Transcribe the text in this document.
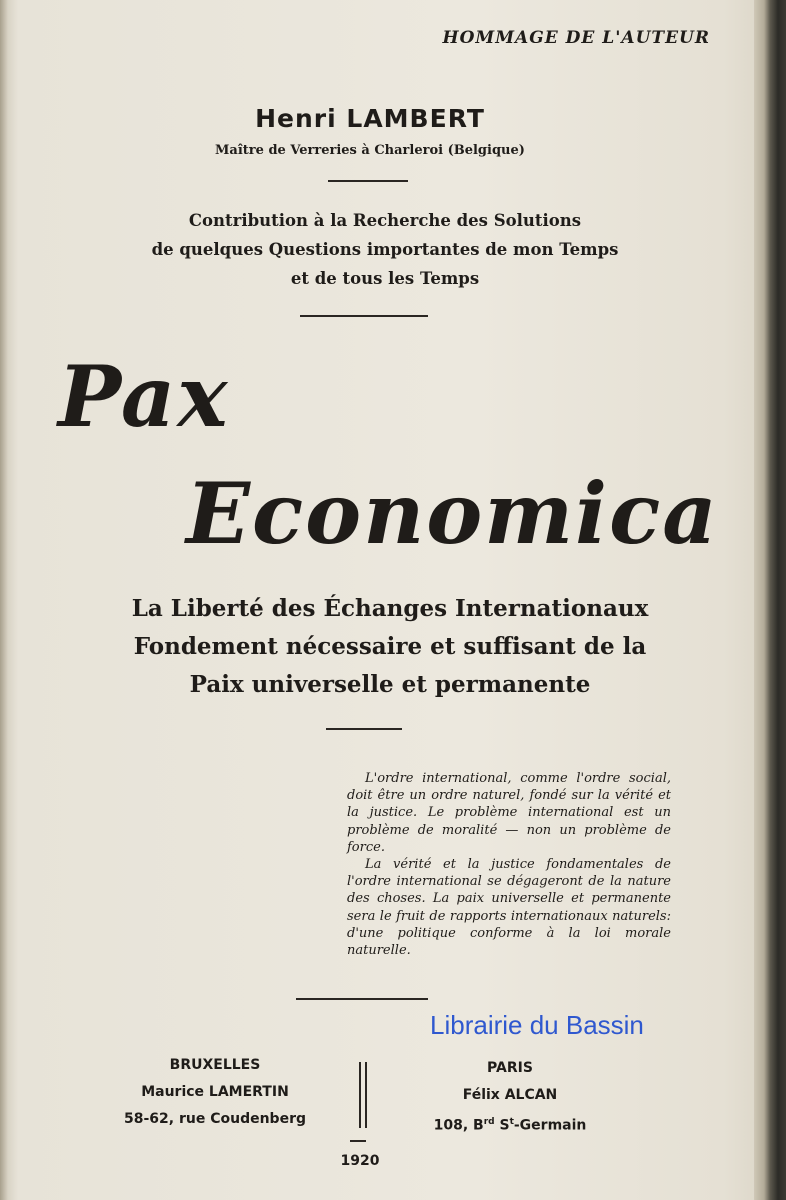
HOMMAGE DE L'AUTEUR
Henri LAMBERT
Maître de Verreries à Charleroi (Belgique)
Contribution à la Recherche des Solutions
de quelques Questions importantes de mon Temps
et de tous les Temps
Pax
Economica
La Liberté des Échanges Internationaux
Fondement nécessaire et suffisant de la
Paix universelle et permanente

L'ordre international, comme l'ordre social, doit être un ordre naturel, fondé sur la vérité et la justice. Le problème international est un problème de moralité — non un problème de force.

La vérité et la justice fondamentales de l'ordre international se dégageront de la nature des choses. La paix universelle et permanente sera le fruit de rapports internationaux naturels: d'une politique conforme à la loi morale naturelle.

Librairie du Bassin
BRUXELLES
Maurice LAMERTIN
58-62, rue Coudenberg
PARIS
Félix ALCAN
108, $B^{rd}$ $S^t$-Germain
1920
